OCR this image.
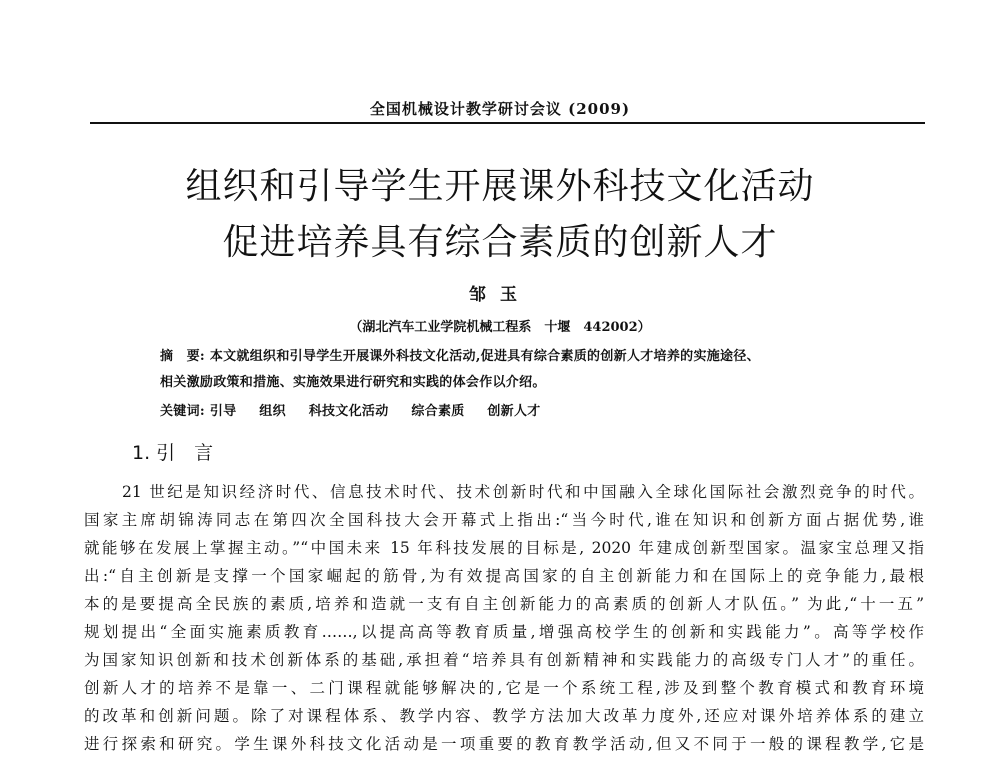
全国机械设计教学研讨会议 (2009)
组织和引导学生开展课外科技文化活动
促进培养具有综合素质的创新人才
邹玉
（湖北汽车工业学院机械工程系　十堰　442002）
摘　要: 本文就组织和引导学生开展课外科技文化活动,促进具有综合素质的创新人才培养的实施途径、
相关激励政策和措施、实施效果进行研究和实践的体会作以介绍。
关键词: 引导 组织 科技文化活动 综合素质 创新人才
1. 引　言
21 世纪是知识经济时代、信息技术时代、技术创新时代和中国融入全球化国际社会激烈竞争的时代。
国家主席胡锦涛同志在第四次全国科技大会开幕式上指出:“当今时代,谁在知识和创新方面占据优势,谁
就能够在发展上掌握主动。”“中国未来 15 年科技发展的目标是, 2020 年建成创新型国家。温家宝总理又指
出:“自主创新是支撑一个国家崛起的筋骨,为有效提高国家的自主创新能力和在国际上的竞争能力,最根
本的是要提高全民族的素质,培养和造就一支有自主创新能力的高素质的创新人才队伍。” 为此,“十一五”
规划提出“全面实施素质教育……,以提高高等教育质量,增强高校学生的创新和实践能力”。高等学校作
为国家知识创新和技术创新体系的基础,承担着“培养具有创新精神和实践能力的高级专门人才”的重任。
创新人才的培养不是靠一、二门课程就能够解决的,它是一个系统工程,涉及到整个教育模式和教育环境
的改革和创新问题。除了对课程体系、教学内容、教学方法加大改革力度外,还应对课外培养体系的建立
进行探索和研究。学生课外科技文化活动是一项重要的教育教学活动,但又不同于一般的课程教学,它是
